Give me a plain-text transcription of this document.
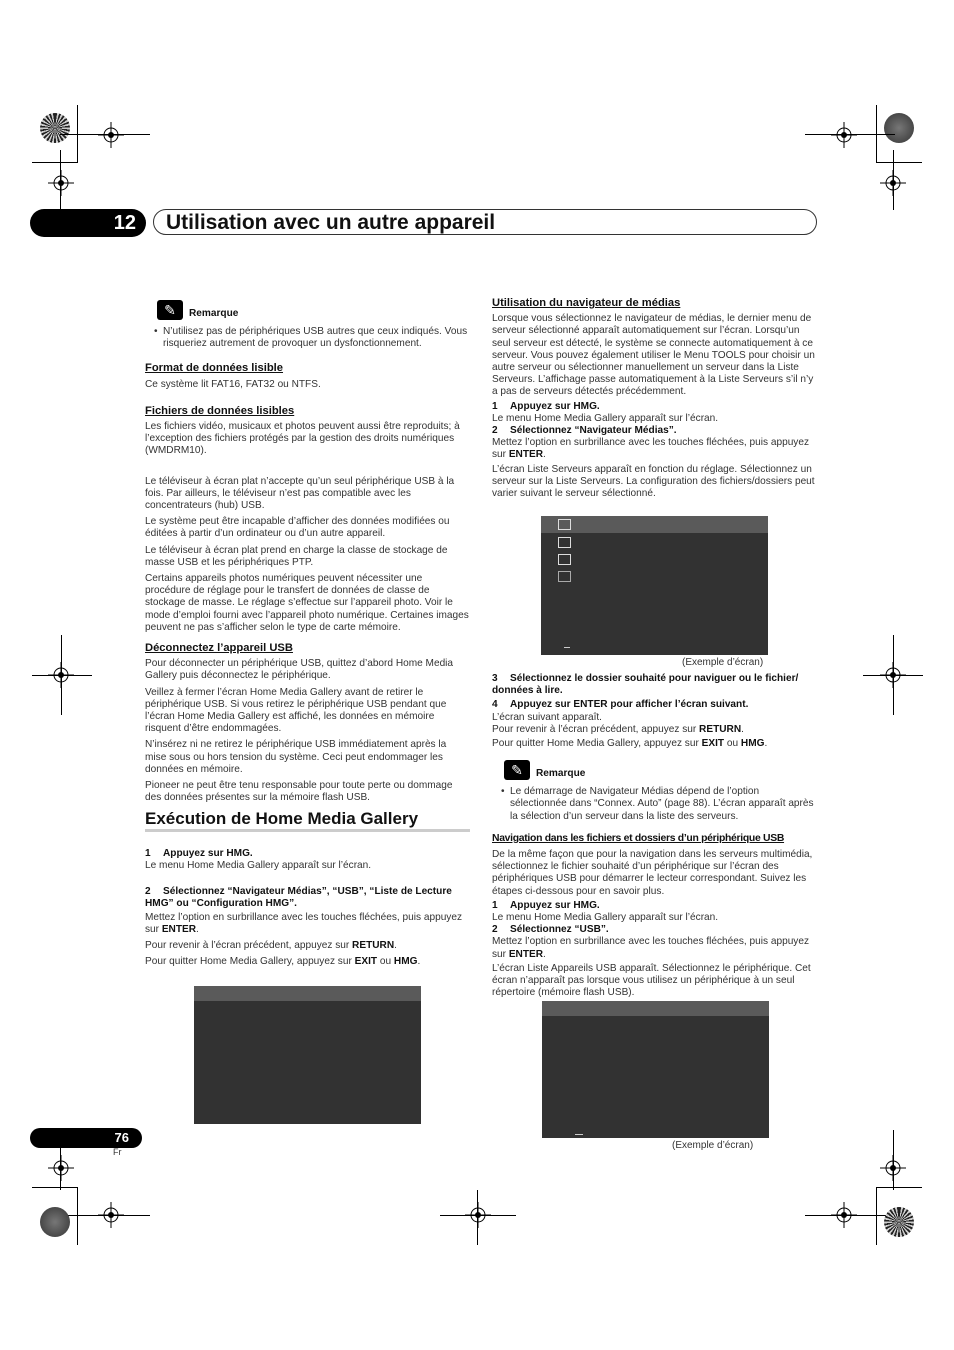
12	Utilisation avec un autre appareil
✎	Remarque

• N’utilisez pas de périphériques USB autres que ceux indiqués. Vous risqueriez autrement de provoquer un dysfonctionnement.

Format de données lisible

Ce système lit FAT16, FAT32 ou NTFS.

Fichiers de données lisibles

Les fichiers vidéo, musicaux et photos peuvent aussi être reproduits; à l’exception des fichiers protégés par la gestion des droits numériques (WMDRM10).

Le téléviseur à écran plat n’accepte qu’un seul périphérique USB à la fois. Par ailleurs, le téléviseur n’est pas compatible avec les concentrateurs (hub) USB.

Le système peut être incapable d’afficher des données modifiées ou éditées à partir d’un ordinateur ou d’un autre appareil.

Le téléviseur à écran plat prend en charge la classe de stockage de masse USB et les périphériques PTP.

Certains appareils photos numériques peuvent nécessiter une procédure de réglage pour le transfert de données de classe de stockage de masse. Le réglage s’effectue sur l’appareil photo. Voir le mode d’emploi fourni avec l’appareil photo numérique. Certaines images peuvent ne pas s’afficher selon le type de carte mémoire.

Déconnectez l’appareil USB

Pour déconnecter un périphérique USB, quittez d’abord Home Media Gallery puis déconnectez le périphérique.

Veillez à fermer l’écran Home Media Gallery avant de retirer le périphérique USB. Si vous retirez le périphérique USB pendant que l’écran Home Media Gallery est affiché, les données en mémoire risquent d’être endommagées.

N’insérez ni ne retirez le périphérique USB immédiatement après la mise sous ou hors tension du système. Ceci peut endommager les données en mémoire.

Pioneer ne peut être tenu responsable pour toute perte ou dommage des données présentes sur la mémoire flash USB.

Exécution de Home Media Gallery

1 Appuyez sur HMG.

Le menu Home Media Gallery apparaît sur l’écran.

2 Sélectionnez “Navigateur Médias”, “USB”, “Liste de Lecture HMG” ou “Configuration HMG”.

Mettez l’option en surbrillance avec les touches fléchées, puis appuyez sur ENTER.

Pour revenir à l’écran précédent, appuyez sur RETURN.

Pour quitter Home Media Gallery, appuyez sur EXIT ou HMG.

Utilisation du navigateur de médias

Lorsque vous sélectionnez le navigateur de médias, le dernier menu de serveur sélectionné apparaît automatiquement sur l’écran. Lorsqu’un seul serveur est détecté, le système se connecte automatiquement à ce serveur. Vous pouvez également utiliser le Menu TOOLS pour choisir un autre serveur ou sélectionner manuellement un serveur dans la Liste Serveurs. L’affichage passe automatiquement à la Liste Serveurs s’il n’y a pas de serveurs détectés précédemment.

1 Appuyez sur HMG.

Le menu Home Media Gallery apparaît sur l’écran.

2 Sélectionnez “Navigateur Médias”.

Mettez l’option en surbrillance avec les touches fléchées, puis appuyez sur ENTER.

L’écran Liste Serveurs apparaît en fonction du réglage. Sélectionnez un serveur sur la Liste Serveurs. La configuration des fichiers/dossiers peut varier suivant le serveur sélectionné.

(Exemple d’écran)

3 Sélectionnez le dossier souhaité pour naviguer ou le fichier/ données à lire.

4 Appuyez sur ENTER pour afficher l’écran suivant.

L’écran suivant apparaît.

Pour revenir à l’écran précédent, appuyez sur RETURN.

Pour quitter Home Media Gallery, appuyez sur EXIT ou HMG.

✎	Remarque

• Le démarrage de Navigateur Médias dépend de l’option sélectionnée dans “Connex. Auto” (page 88). L’écran apparaît après la sélection d’un serveur dans la liste des serveurs.

Navigation dans les fichiers et dossiers d’un périphérique USB

De la même façon que pour la navigation dans les serveurs multimédia, sélectionnez le fichier souhaité d’un périphérique sur l’écran des périphériques USB pour démarrer le lecteur correspondant. Suivez les étapes ci-dessous pour en savoir plus.

1 Appuyez sur HMG.

Le menu Home Media Gallery apparaît sur l’écran.

2 Sélectionnez “USB”.

Mettez l’option en surbrillance avec les touches fléchées, puis appuyez sur ENTER.

L’écran Liste Appareils USB apparaît. Sélectionnez le périphérique. Cet écran n’apparaît pas lorsque vous utilisez un périphérique à un seul répertoire (mémoire flash USB).

(Exemple d’écran)
76
Fr
